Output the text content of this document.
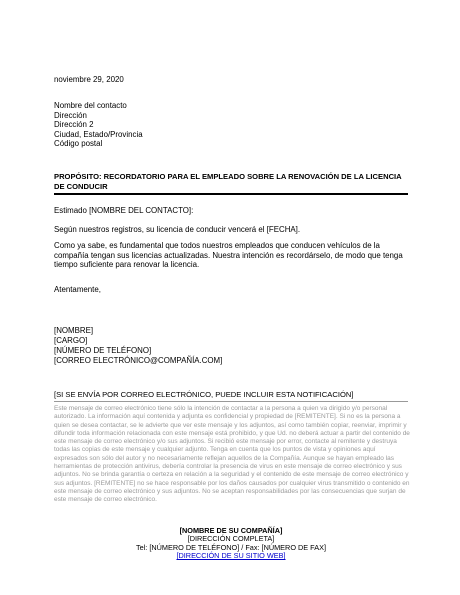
noviembre 29, 2020
Nombre del contacto
Dirección
Dirección 2
Ciudad, Estado/Provincia
Código postal
PROPÓSITO: RECORDATORIO PARA EL EMPLEADO SOBRE LA RENOVACIÓN DE LA LICENCIA DE CONDUCIR
Estimado [NOMBRE DEL CONTACTO]:
Según nuestros registros, su licencia de conducir vencerá el [FECHA].
Como ya sabe, es fundamental que todos nuestros empleados que conducen vehículos de la compañía tengan sus licencias actualizadas. Nuestra intención es recordárselo, de modo que tenga tiempo suficiente para renovar la licencia.
Atentamente,
[NOMBRE]
[CARGO]
[NÚMERO DE TELÉFONO]
[CORREO ELECTRÓNICO@COMPAÑÍA.COM]
[SI SE ENVÍA POR CORREO ELECTRÓNICO, PUEDE INCLUIR ESTA NOTIFICACIÓN]
Este mensaje de correo electrónico tiene sólo la intención de contactar a la persona a quien va dirigido y/o personal autorizado. La información aquí contenida y adjunta es confidencial y propiedad de [REMITENTE]. Si no es la persona a quien se desea contactar, se le advierte que ver este mensaje y los adjuntos, así como también copiar, reenviar, imprimir y difundir toda información relacionada con este mensaje está prohibido, y que Ud. no deberá actuar a partir del contenido de este mensaje de correo electrónico y/o sus adjuntos. Si recibió este mensaje por error, contacte al remitente y destruya todas las copias de este mensaje y cualquier adjunto. Tenga en cuenta que los puntos de vista y opiniones aquí expresados son sólo del autor y no necesariamente reflejan aquellos de la Compañía. Aunque se hayan empleado las herramientas de protección antivirus, debería controlar la presencia de virus en este mensaje de correo electrónico y sus adjuntos. No se brinda garantía o certeza en relación a la seguridad y el contenido de este mensaje de correo electrónico y sus adjuntos. [REMITENTE] no se hace responsable por los daños causados por cualquier virus transmitido o contenido en este mensaje de correo electrónico y sus adjuntos. No se aceptan responsabilidades por las consecuencias que surjan de este mensaje de correo electrónico.
[NOMBRE DE SU COMPAÑÍA]
[DIRECCIÓN COMPLETA]
Tel: [NÚMERO DE TELÉFONO] / Fax: [NÚMERO DE FAX]
[DIRECCIÓN DE SU SITIO WEB]
